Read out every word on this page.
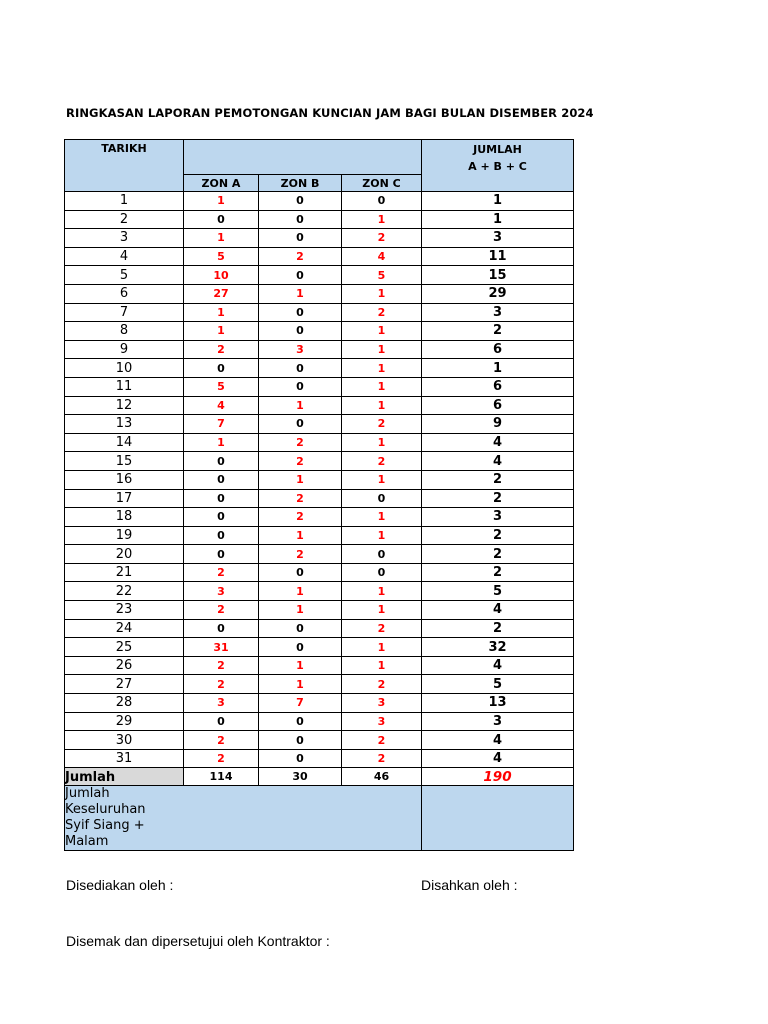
RINGKASAN LAPORAN PEMOTONGAN KUNCIAN JAM BAGI BULAN DISEMBER 2024
TARIKH				JUMLAH
A + B + C

	ZON A	ZON B	ZON C	
1	1	0	0	1
2	0	0	1	1
3	1	0	2	3
4	5	2	4	11
5	10	0	5	15
6	27	1	1	29
7	1	0	2	3
8	1	0	1	2
9	2	3	1	6
10	0	0	1	1
11	5	0	1	6
12	4	1	1	6
13	7	0	2	9
14	1	2	1	4
15	0	2	2	4
16	0	1	1	2
17	0	2	0	2
18	0	2	1	3
19	0	1	1	2
20	0	2	0	2
21	2	0	0	2
22	3	1	1	5
23	2	1	1	4
24	0	0	2	2
25	31	0	1	32
26	2	1	1	4
27	2	1	2	5
28	3	7	3	13
29	0	0	3	3
30	2	0	2	4
31	2	0	2	4
Jumlah	114	30	46	190

Jumlah
Keseluruhan
Syif Siang +
Malam				

Disediakan oleh :	Disahkan oleh :
Disemak dan dipersetujui oleh Kontraktor :
